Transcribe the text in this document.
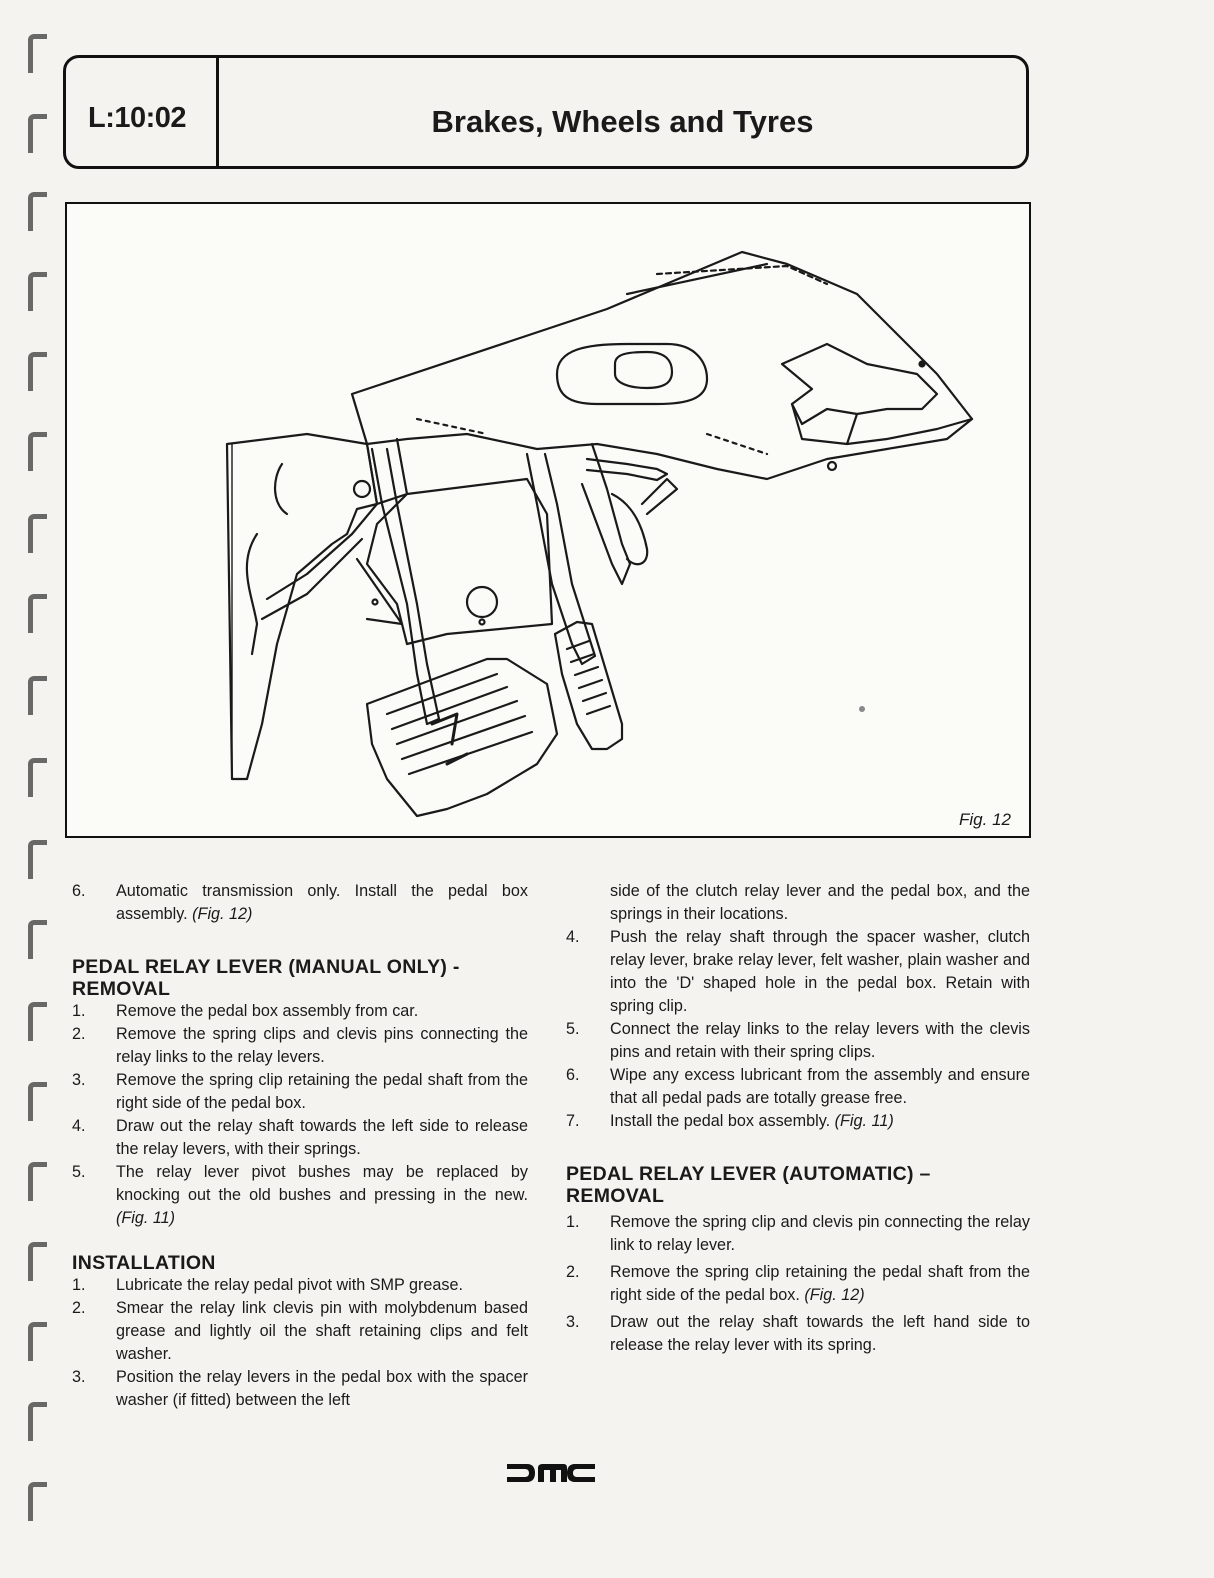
L:10:02	Brakes, Wheels and Tyres
Fig. 12
6.	Automatic transmission only. Install the pedal box assembly. (Fig. 12)
PEDAL RELAY LEVER (MANUAL ONLY) -
REMOVAL
1.	Remove the pedal box assembly from car.
2.	Remove the spring clips and clevis pins connecting the relay links to the relay levers.
3.	Remove the spring clip retaining the pedal shaft from the right side of the pedal box.
4.	Draw out the relay shaft towards the left side to release the relay levers, with their springs.
5.	The relay lever pivot bushes may be replaced by knocking out the old bushes and pressing in the new. (Fig. 11)
INSTALLATION
1.	Lubricate the relay pedal pivot with SMP grease.
2.	Smear the relay link clevis pin with molybdenum based grease and lightly oil the shaft retaining clips and felt washer.
3.	Position the relay levers in the pedal box with the spacer washer (if fitted) between the left
side of the clutch relay lever and the pedal box, and the springs in their locations.
4.	Push the relay shaft through the spacer washer, clutch relay lever, brake relay lever, felt washer, plain washer and into the 'D' shaped hole in the pedal box. Retain with spring clip.
5.	Connect the relay links to the relay levers with the clevis pins and retain with their spring clips.
6.	Wipe any excess lubricant from the assembly and ensure that all pedal pads are totally grease free.
7.	Install the pedal box assembly. (Fig. 11)
PEDAL RELAY LEVER (AUTOMATIC) –
REMOVAL
1.	Remove the spring clip and clevis pin connecting the relay link to relay lever.
2.	Remove the spring clip retaining the pedal shaft from the right side of the pedal box. (Fig. 12)
3.	Draw out the relay shaft towards the left hand side to release the relay lever with its spring.
